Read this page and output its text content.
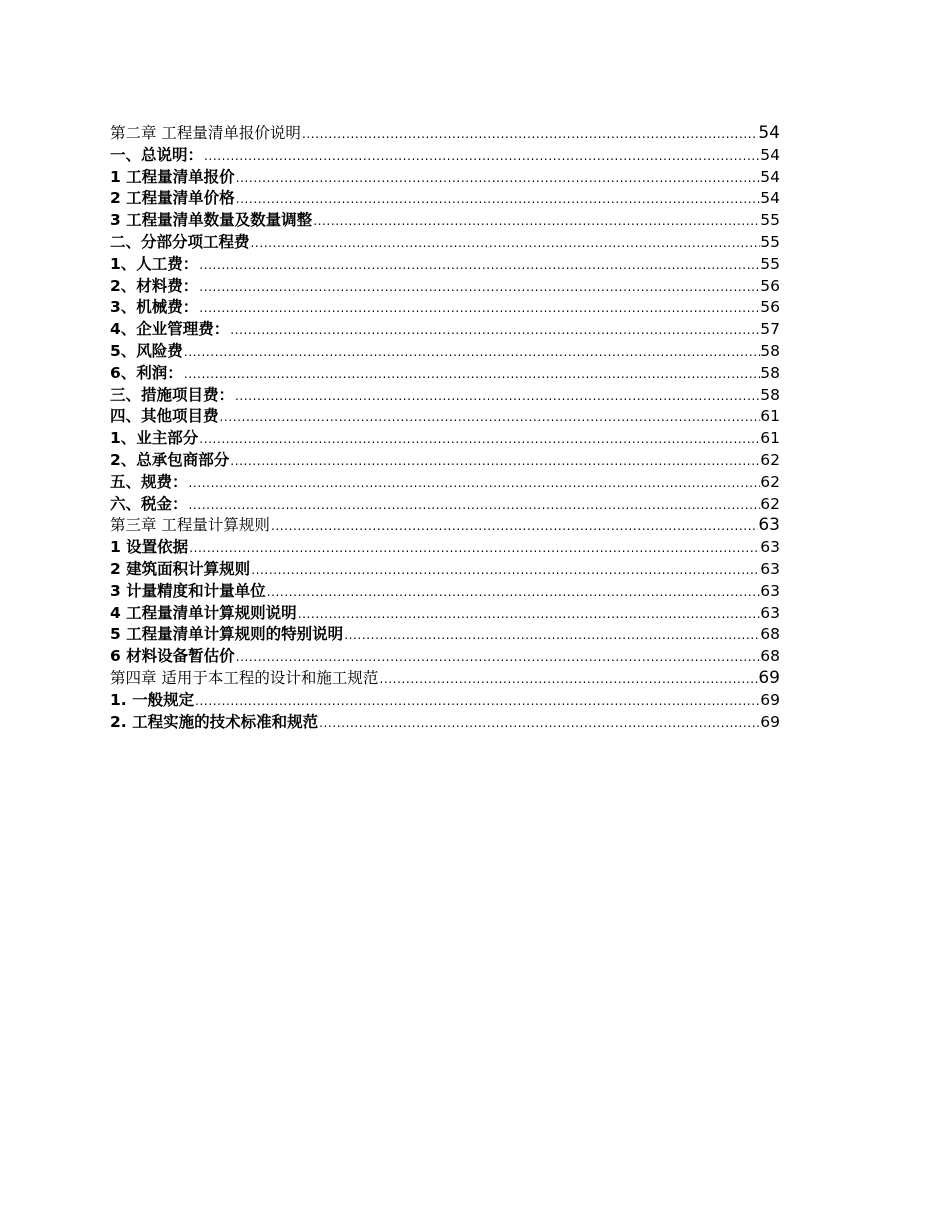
第二章 工程量清单报价说明 .....	54
一、总说明： .....	54
1 工程量清单报价 .....	54
2 工程量清单价格 .....	54
3 工程量清单数量及数量调整 .....	55
二、分部分项工程费 .....	55
1、人工费： .....	55
2、材料费： .....	56
3、机械费： .....	56
4、企业管理费： .....	57
5、风险费 .....	58
6、利润： .....	58
三、措施项目费： .....	58
四、其他项目费 .....	61
1、业主部分 .....	61
2、总承包商部分 .....	62
五、规费： .....	62
六、税金： .....	62
第三章 工程量计算规则 .....	63
1 设置依据 .....	63
2 建筑面积计算规则 .....	63
3 计量精度和计量单位 .....	63
4 工程量清单计算规则说明 .....	63
5 工程量清单计算规则的特别说明 .....	68
6 材料设备暂估价 .....	68
第四章 适用于本工程的设计和施工规范 .....	69
1. 一般规定 .....	69
2. 工程实施的技术标准和规范 .....	69
